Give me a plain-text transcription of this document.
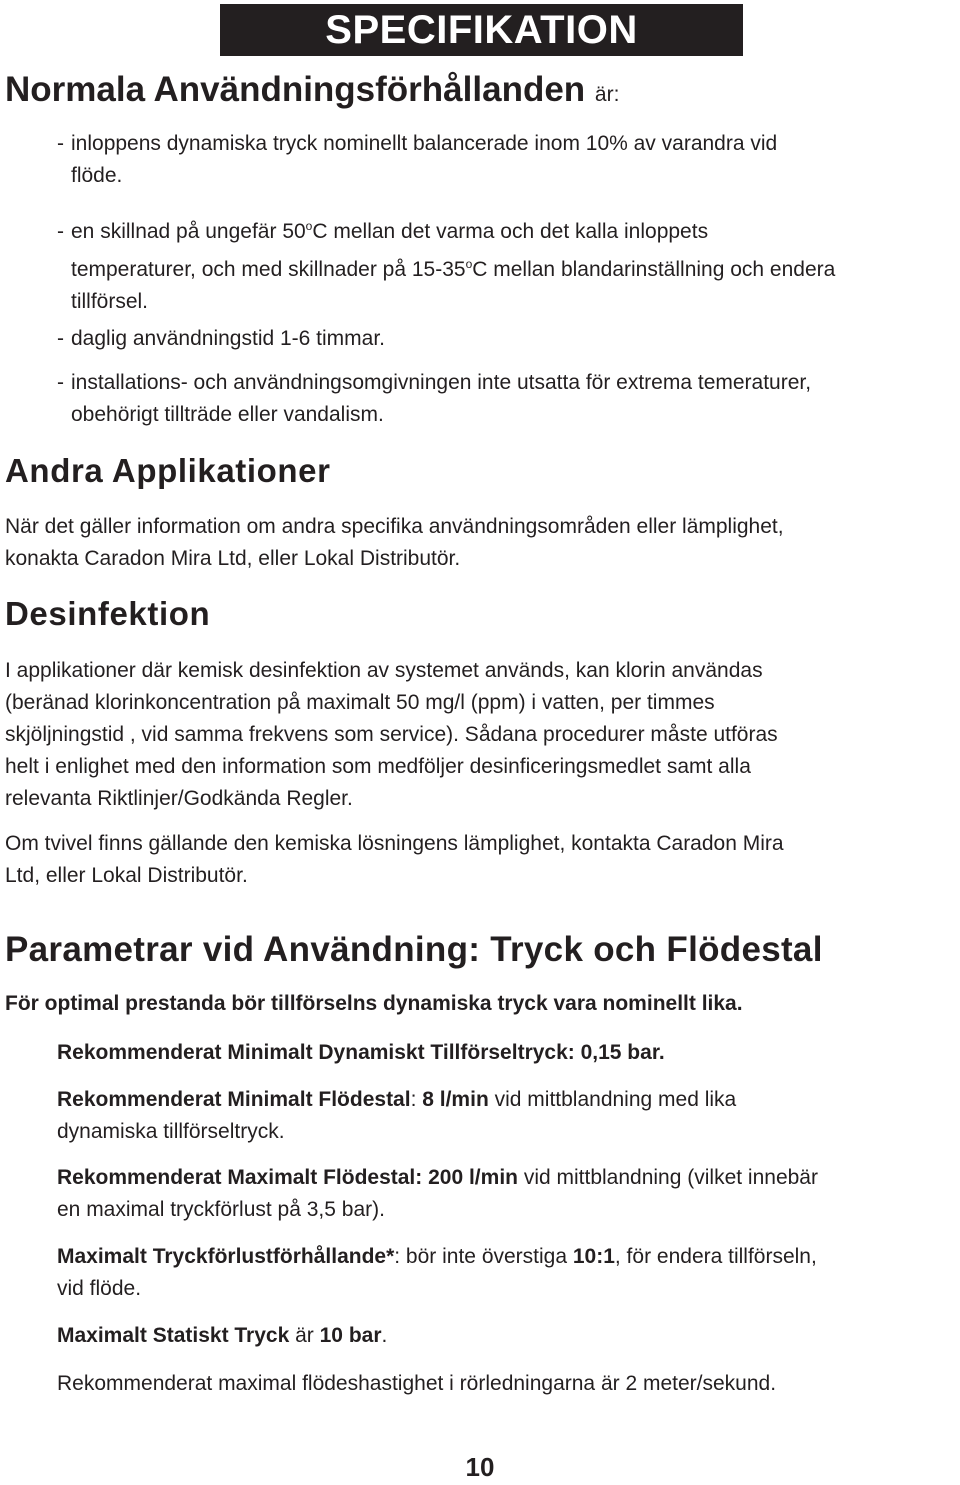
SPECIFIKATION
Normala Användningsförhållanden är:
- inloppens dynamiska tryck nominellt balancerade inom 10% av varandra vid
flöde.
- en skillnad på ungefär 50$^o$C mellan det varma och det kalla inloppets
temperaturer, och med skillnader på 15-35$^o$C mellan blandarinställning och endera
tillförsel.
- daglig användningstid 1-6 timmar.
- installations- och användningsomgivningen inte utsatta för extrema temeraturer,
obehörigt tillträde eller vandalism.
Andra Applikationer
När det gäller information om andra specifika användningsområden eller lämplighet,
konakta Caradon Mira Ltd, eller Lokal Distributör.
Desinfektion
I applikationer där kemisk desinfektion av systemet används, kan klorin användas
(beränad klorinkoncentration på maximalt 50 mg/l (ppm) i vatten, per timmes
skjöljningstid , vid samma frekvens som service). Sådana procedurer måste utföras
helt i enlighet med den information som medföljer desinficeringsmedlet samt alla
relevanta Riktlinjer/Godkända Regler.
Om tvivel finns gällande den kemiska lösningens lämplighet, kontakta Caradon Mira
Ltd, eller Lokal Distributör.
Parametrar vid Användning: Tryck och Flödestal
För optimal prestanda bör tillförselns dynamiska tryck vara nominellt lika.
Rekommenderat Minimalt Dynamiskt Tillförseltryck: 0,15 bar.
Rekommenderat Minimalt Flödestal: 8 l/min vid mittblandning med lika
dynamiska tillförseltryck.
Rekommenderat Maximalt Flödestal: 200 l/min vid mittblandning (vilket innebär
en maximal tryckförlust på 3,5 bar).
Maximalt Tryckförlustförhållande*: bör inte överstiga 10:1, för endera tillförseln,
vid flöde.
Maximalt Statiskt Tryck är 10 bar.
Rekommenderat maximal flödeshastighet i rörledningarna är 2 meter/sekund.
10
